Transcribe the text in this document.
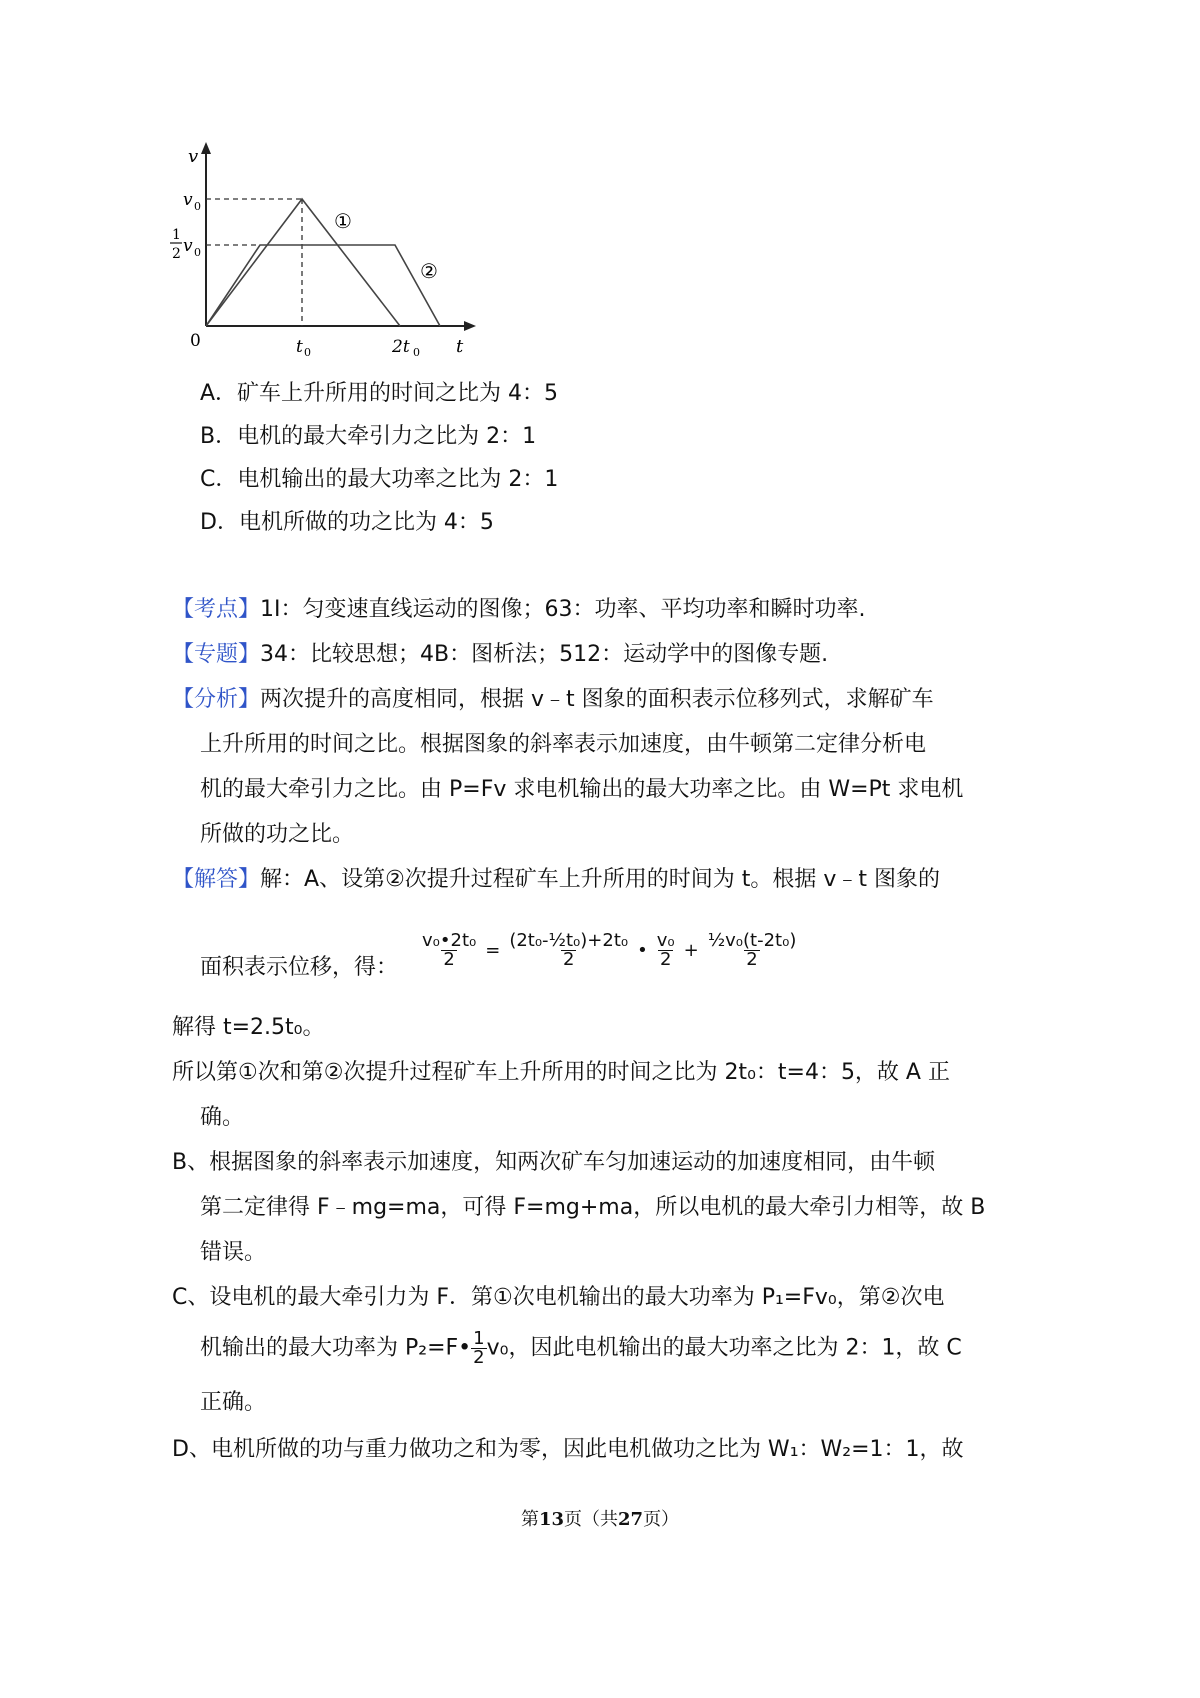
v
t
v 0
1
2 v 0
0	t 0	2t 0
①
②
A．矿车上升所用的时间之比为 4：5
B．电机的最大牵引力之比为 2：1
C．电机输出的最大功率之比为 2：1
D．电机所做的功之比为 4：5
【考点】1I：匀变速直线运动的图像；63：功率、平均功率和瞬时功率.
【专题】34：比较思想；4B：图析法；512：运动学中的图像专题.
【分析】两次提升的高度相同，根据 v﹣t 图象的面积表示位移列式，求解矿车
上升所用的时间之比。根据图象的斜率表示加速度，由牛顿第二定律分析电
机的最大牵引力之比。由 P=Fv 求电机输出的最大功率之比。由 W=Pt 求电机
所做的功之比。
【解答】解：A、设第②次提升过程矿车上升所用的时间为 t。根据 v﹣t 图象的
面积表示位移，得： $\frac{\text{v₀•2t₀}}{2} = \frac{\text{(2t₀-½t₀)+2t₀}}{2}$ • $\frac{\text{v₀}}{2} + \frac{\text{½v₀(t-2t₀)}}{2}$
解得 t=2.5t₀。
所以第①次和第②次提升过程矿车上升所用的时间之比为 2t₀：t=4：5，故 A 正
确。
B、根据图象的斜率表示加速度，知两次矿车匀加速运动的加速度相同，由牛顿
第二定律得 F﹣mg=ma，可得 F=mg+ma，所以电机的最大牵引力相等，故 B
错误。
C、设电机的最大牵引力为 F．第①次电机输出的最大功率为 P₁=Fv₀，第②次电
机输出的最大功率为 P₂=F• $\frac{1}{2} v_0$，因此电机输出的最大功率之比为 2：1，故 C
正确。
D、电机所做的功与重力做功之和为零，因此电机做功之比为 W₁：W₂=1：1，故
第13页（共27页）
